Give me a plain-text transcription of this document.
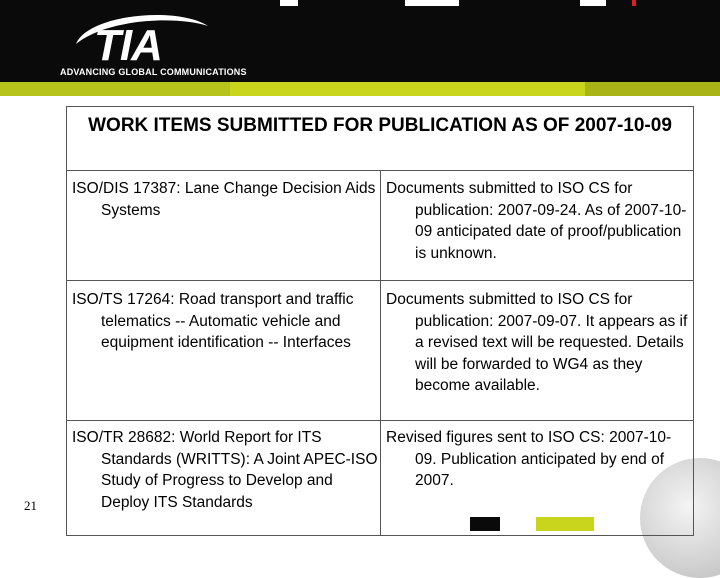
TIA
ADVANCING GLOBAL COMMUNICATIONS
21
WORK ITEMS SUBMITTED FOR PUBLICATION AS OF 2007-10-09
ISO/DIS 17387: Lane Change Decision Aids Systems
Documents submitted to ISO CS for publication: 2007-09-24. As of 2007-10-09 anticipated date of proof/publication is unknown.
ISO/TS 17264: Road transport and traffic telematics -- Automatic vehicle and equipment identification -- Interfaces
Documents submitted to ISO CS for publication: 2007-09-07. It appears as if a revised text will be requested. Details will be forwarded to WG4 as they become available.
ISO/TR 28682: World Report for ITS Standards (WRITTS): A Joint APEC-ISO Study of Progress to Develop and Deploy ITS Standards
Revised figures sent to ISO CS: 2007-10-09. Publication anticipated by end of 2007.
